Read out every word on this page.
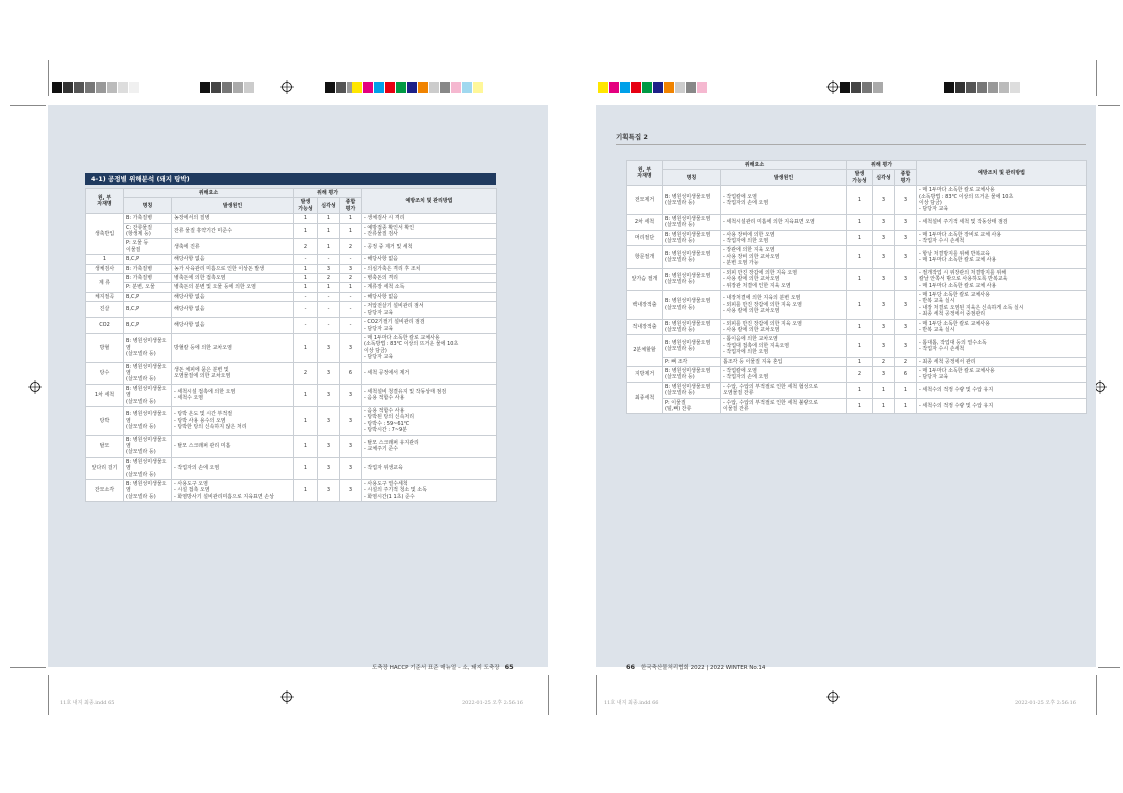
4-1) 공정별 위해분석 (돼지 탕박)
원, 부
자재명	위해요소		위해 평가			예방조치 및 관리방법
	명칭	발생원인	발생
가능성	심각성	종합
평가	
생축반입	B: 가축질병	농장에서의 질병	1	1	1	- 생체검사 시 격리
	C: 잔류물질
(항생제 등)	잔류 물질 휴약기간 미준수	1	1	1	- 예방접종 확인서 확인
- 잔류물질 검사
	P: 오물 등
이물질	생축에 진류	2	1	2	- 공정 중 제거 및 세척
1	B,C,P	해당사항 없음	-	-	-	- 해당사항 없음
생체검사	B: 가축질병	농가 사육관리 미흡으로 인한 이상돈 발생	1	3	3	- 의심가축은 격리 후 조치
계 류	B: 가축질병	병축돈에 의한 접촉오염	1	2	2	- 병축돈의 격리
	P: 분변, 오물	병축돈의 분변 및 오물 등에 의한 오염	1	1	1	- 계류장 세척 소독
체지절곡	B,C,P	해당사항 없음	-	-	-	- 해당사항 없음
진살	B,C,P	해당사항 없음	-	-	-	- 저압전살기 설비관리 점서
- 담당자 교육
CO2	B,C,P	해당사항 없음	-	-	-	- CO2기절기 설비관리 점검
- 담당자 교육
방혈	B: 병원성미생물오염
(살모넬라 등)	방혈칼 등에 의한 교차오염	1	3	3	- 매 1두마다 소독한 칼로 교체사용
(소독방법 : 83℃ 이상의 뜨거운 물에 10초
이상 담금)
- 담당자 교육
탕수	B: 병원성미생물오염
(살모넬라 등)	생돈 체피에 묻은 분변 및
오염물질에 의한 교차오염	2	3	6	- 세척 공정에서 제거
1차 세척	B: 병원성미생물오염
(살모넬라 등)	- 세척시설 접촉에 의한 오염
- 세척수 오염	1	3	3	- 세척설비 청결유지 및 작동상태 점검
- 음용 적합수 사용
탕박	B: 병원성미생물오염
(살모넬라 등)	- 탕박 온도 및 시간 부적절
- 탕박 사용 용수의 오염
- 탕박한 탕의 신속하지 않은 처리	1	3	3	- 음용 적합수 사용
- 탕박된 탕의 신속처리
- 탕박수 : 59~61℃
- 탕박시간 : 7~9분
탈모	B: 병원성미생물오염
(살모넬라 등)	- 탈모 스크래퍼 관리 미흡	1	3	3	- 탈모 스크래퍼 유지관리
- 교체주기 준수
앞다리 걸기	B: 병원성미생물오염
(살모넬라 등)	- 작업자의 손에 오염	1	3	3	- 작업자 위생교육
잔모소각	B: 병원성미생물오염
(살모넬라 등)	- 사용도구 오염
- 시설 접촉 오염
- 화염방사기 설비관리미흡으로 지육표면 손상	1	3	3	- 사용도구 열수세척
- 시설의 주기적 청소 및 소독
- 화염시간(1 1초) 준수
기획특집 2
원, 부
자재명	위해요소		위해 평가			예방조치 및 관리방법
	명칭	발생원인	발생
가능성	심각성	종합
평가	
전모제거	B: 병원성미생물오염
(살모넬라 등)	- 작업칼에 오염
- 작업자의 손에 오염	1	3	3	- 매 1두마다 소독한 칼로 교체사용
(소독방법 : 83℃ 이상의 뜨거운 물에 10초
이상 담금)
- 담당자 교육
2차 세척	B: 병원성미생물오염
(살모넬라 등)	- 세척시설관리 미흡에 의한 지육표면 오염	1	3	3	- 세척설비 주기적 세척 및 작동상태 점검
머리절단	B: 병원성미생물오염
(살모넬라 등)	- 사용 장비에 의한 오염
- 작업자에 의한 오염	1	3	3	- 매 1두마다 소독한 장비로 교체 사용
- 작업자 수시 손세척
항문절개	B: 병원성미생물오염
(살모넬라 등)	- 장관에 의한 지육 오염
- 사용 장비 의한 교차오염
- 분변 오염 가능	1	3	3	- 항낭 처결방지를 위해 반복교육
- 매 1두마다 소독한 칼로 교체 사용
앞가슴 절개	B: 병원성미생물오염
(살모넬라 등)	- 외피 만진 장갑에 의한 지육 오염
- 사용 칼에 의한 교차오염
- 위장관 처결에 인한 지육 오염	1	3	3	- 절개작업 시 위장관의 처결방지를 위해
칼날 안쪽서 밖으로 사용하도록 반복교육
- 매 1두마다 소독한 칼로 교체 사용
백내장적출	B: 병원성미생물오염
(살모넬라 등)	- 내장처결에 의한 지육의 분변 오염
- 외피를 만진 장갑에 의한 지육 오염
- 사용 칼에 의한 교차오염	1	3	3	- 매 1두당 소독한 칼로 교체사용
- 반복 교육 실시
- 내장 처결로 오염된 지육은 신속하게 소독 실시
- 최종 세척 공정에서 중점관리
적내장적출	B: 병원성미생물오염
(살모넬라 등)	- 외피를 만진 장갑에 의한 지육 오염
- 사용 칼에 의한 교차오염	1	3	3	- 매 1두당 소독한 칼로 교체사용
- 반복 교육 실시
2분체할할	B: 병원성미생물오염
(살모넬라 등)	- 톱이음에 의한 교차오염
- 작업대 접촉에 의한 지육오염
- 작업자에 의한 오염	1	3	3	- 톱대톱, 작업대 등의 열수소독
- 작업자 수시 손세척
	P: 뼈 조각	톱조각 등 이물질 지육 혼입	1	2	2	- 최종 세척 공정에서 관리
지방제거	B: 병원성미생물오염
(살모넬라 등)	- 작업칼에 오염
- 작업자의 손에 오염	2	3	6	- 매 1두마다 소독한 칼로 교체사용
- 담당자 교육
최종세척	B: 병원성미생물오염
(살모넬라 등)	- 수압, 수압의 부적절로 인한 세척 협성으로
오염물질 잔류	1	1	1	- 세척수의 적정 수량 및 수압 유지
	P: 이물질
(털,뼈) 잔류	- 수압, 수압의 부적절로 인한 세척 불량으로
이물질 잔류	1	1	1	- 세척수의 적정 수량 및 수압 유지
도축장 HACCP 기준서 표준 매뉴얼 – 소, 돼지 도축장 65	66 한국축산물처리협회 2022 | 2022 WINTER No.14
11호 내지 최종.indd 65	2022-01-25 오후 2:56:16	11호 내지 최종.indd 66	2022-01-25 오후 2:56:16
